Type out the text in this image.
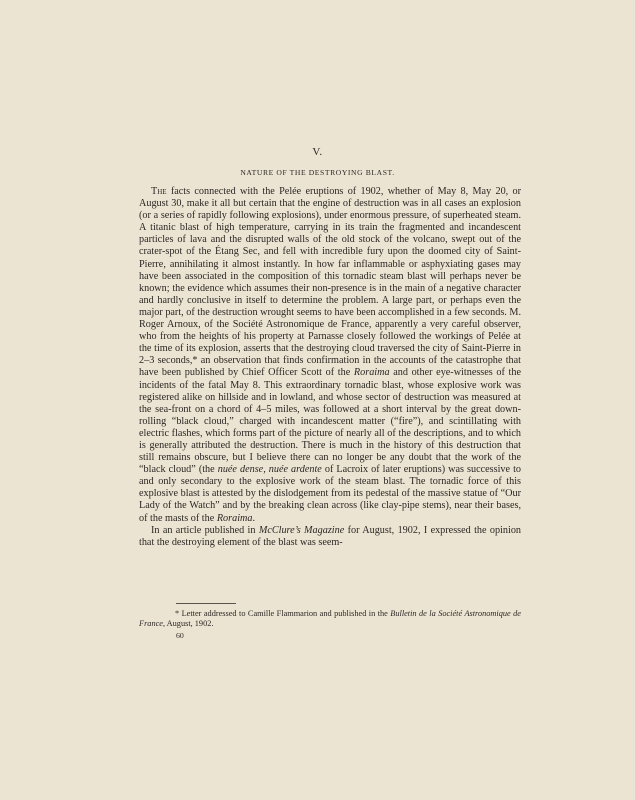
V.
NATURE OF THE DESTROYING BLAST.

The facts connected with the Pelée eruptions of 1902, whether of May 8, May 20, or August 30, make it all but certain that the engine of destruction was in all cases an explosion (or a series of rapidly following explosions), under enormous pressure, of superheated steam. A titanic blast of high temperature, carrying in its train the fragmented and incandescent particles of lava and the disrupted walls of the old stock of the volcano, swept out of the crater-spot of the Étang Sec, and fell with incredible fury upon the doomed city of Saint-Pierre, annihilating it almost instantly. In how far inflammable or asphyxiating gases may have been associated in the composition of this tornadic steam blast will perhaps never be known; the evidence which assumes their non-presence is in the main of a negative character and hardly conclusive in itself to determine the problem. A large part, or perhaps even the major part, of the destruction wrought seems to have been accomplished in a few seconds. M. Roger Arnoux, of the Société Astronomique de France, apparently a very careful observer, who from the heights of his property at Parnasse closely followed the workings of Pelée at the time of its explosion, asserts that the destroying cloud traversed the city of Saint-Pierre in 2–3 seconds,* an observation that finds confirmation in the accounts of the catastrophe that have been published by Chief Officer Scott of the Roraima and other eye-witnesses of the incidents of the fatal May 8. This extraordinary tornadic blast, whose explosive work was registered alike on hillside and in lowland, and whose sector of destruction was measured at the sea-front on a chord of 4–5 miles, was followed at a short interval by the great down-rolling “black cloud,” charged with incandescent matter (“fire”), and scintillating with electric flashes, which forms part of the picture of nearly all of the descriptions, and to which is generally attributed the destruction. There is much in the history of this destruction that still remains obscure, but I believe there can no longer be any doubt that the work of the “black cloud” (the nuée dense, nuée ardente of Lacroix of later eruptions) was successive to and only secondary to the explosive work of the steam blast. The tornadic force of this explosive blast is attested by the dislodgement from its pedestal of the massive statue of “Our Lady of the Watch” and by the breaking clean across (like clay-pipe stems), near their bases, of the masts of the Roraima.

In an article published in McClure’s Magazine for August, 1902, I expressed the opinion that the destroying element of the blast was seem-

* Letter addressed to Camille Flammarion and published in the Bulletin de la Société Astronomique de France, August, 1902.

60
